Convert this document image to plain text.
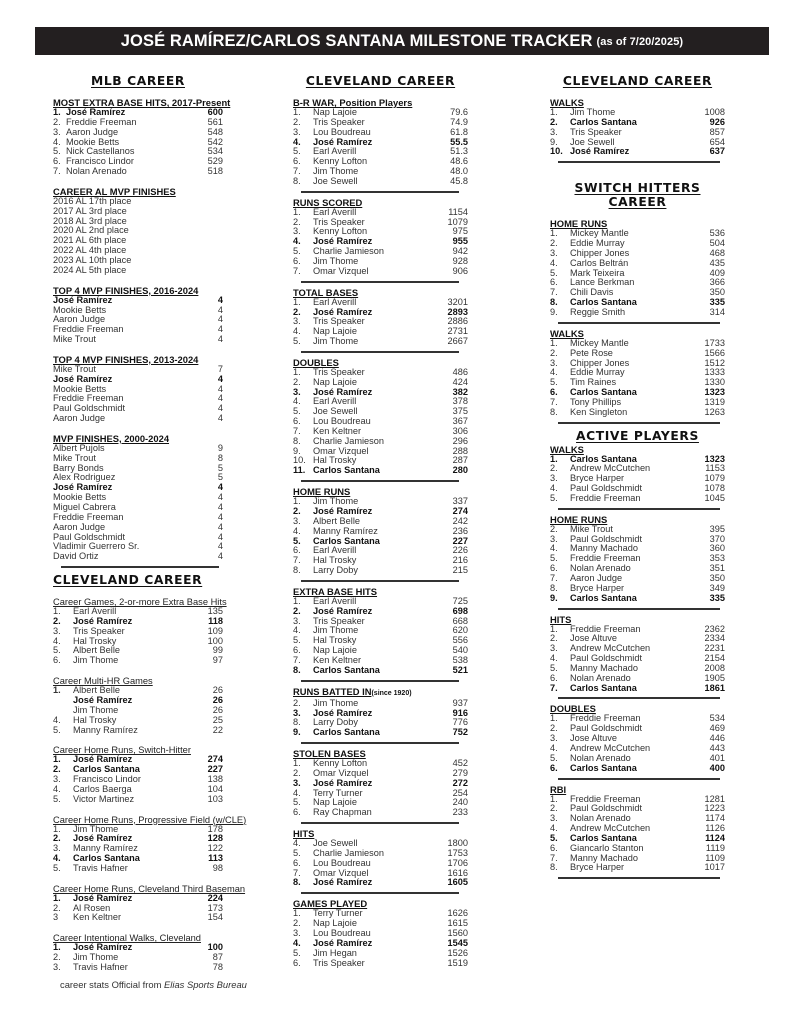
JOSÉ RAMÍREZ/CARLOS SANTANA MILESTONE TRACKER (as of 7/20/2025)
MLB CAREER
MOST EXTRA BASE HITS, 2017-Present
1. José Ramírez	600
2. Freddie Freeman	561
3. Aaron Judge	548
4. Mookie Betts	542
5. Nick Castellanos	534
6. Francisco Lindor	529
7. Nolan Arenado	518
CAREER AL MVP FINISHES
2016 AL 17th place
2017 AL 3rd place
2018 AL 3rd place
2020 AL 2nd place
2021 AL 6th place
2022 AL 4th place
2023 AL 10th place
2024 AL 5th place
TOP 4 MVP FINISHES, 2016-2024
José Ramírez	4
Mookie Betts	4
Aaron Judge	4
Freddie Freeman	4
Mike Trout	4
TOP 4 MVP FINISHES, 2013-2024
Mike Trout	7
José Ramírez	4
Mookie Betts	4
Freddie Freeman	4
Paul Goldschmidt	4
Aaron Judge	4
MVP FINISHES, 2000-2024
Albert Pujols	9
Mike Trout	8
Barry Bonds	5
Alex Rodriguez	5
José Ramírez	4
Mookie Betts	4
Miguel Cabrera	4
Freddie Freeman	4
Aaron Judge	4
Paul Goldschmidt	4
Vladimir Guerrero Sr.	4
David Ortiz	4
CLEVELAND CAREER
Career Games, 2-or-more Extra Base Hits
1.	Earl Averill	135
2.	José Ramírez	118
3.	Tris Speaker	109
4.	Hal Trosky	100
5.	Albert Belle	99
6.	Jim Thome	97
Career Multi-HR Games
1.	Albert Belle	26
José Ramírez	26
Jim Thome	26
4.	Hal Trosky	25
5.	Manny Ramírez	22
Career Home Runs, Switch-Hitter
1.	José Ramírez	274
2.	Carlos Santana	227
3.	Francisco Lindor	138
4.	Carlos Baerga	104
5.	Victor Martinez	103
Career Home Runs, Progressive Field (w/CLE)
1.	Jim Thome	178
2.	José Ramírez	128
3.	Manny Ramírez	122
4.	Carlos Santana	113
5.	Travis Hafner	98
Career Home Runs, Cleveland Third Baseman
1.	José Ramírez	224
2.	Al Rosen	173
3	Ken Keltner	154
Career Intentional Walks, Cleveland
1.	José Ramírez	100
2.	Jim Thome	87
3.	Travis Hafner	78
CLEVELAND CAREER
B-R WAR, Position Players
1.	Nap Lajoie	79.6
2.	Tris Speaker	74.9
3.	Lou Boudreau	61.8
4.	José Ramírez	55.5
5.	Earl Averill	51.3
6.	Kenny Lofton	48.6
7.	Jim Thome	48.0
8.	Joe Sewell	45.8
RUNS SCORED
1.	Earl Averill	1154
2.	Tris Speaker	1079
3.	Kenny Lofton	975
4.	José Ramírez	955
5.	Charlie Jamieson	942
6.	Jim Thome	928
7.	Omar Vizquel	906
TOTAL BASES
1.	Earl Averill	3201
2.	José Ramírez	2893
3.	Tris Speaker	2886
4.	Nap Lajoie	2731
5.	Jim Thome	2667
DOUBLES
1.	Tris Speaker	486
2.	Nap Lajoie	424
3.	José Ramírez	382
4.	Earl Averill	378
5.	Joe Sewell	375
6.	Lou Boudreau	367
7.	Ken Keltner	306
8.	Charlie Jamieson	296
9.	Omar Vizquel	288
10. Hal Trosky	287
11. Carlos Santana	280
HOME RUNS
1.	Jim Thome	337
2.	José Ramírez	274
3.	Albert Belle	242
4.	Manny Ramírez	236
5.	Carlos Santana	227
6.	Earl Averill	226
7.	Hal Trosky	216
8.	Larry Doby	215
EXTRA BASE HITS
1.	Earl Averill	725
2.	José Ramírez	698
3.	Tris Speaker	668
4.	Jim Thome	620
5.	Hal Trosky	556
6.	Nap Lajoie	540
7.	Ken Keltner	538
8.	Carlos Santana	521
RUNS BATTED IN(since 1920)
2.	Jim Thome	937
3.	José Ramírez	916
8.	Larry Doby	776
9.	Carlos Santana	752
STOLEN BASES
1.	Kenny Lofton	452
2.	Omar Vizquel	279
3.	José Ramírez	272
4.	Terry Turner	254
5.	Nap Lajoie	240
6.	Ray Chapman	233
HITS
4.	Joe Sewell	1800
5.	Charlie Jamieson	1753
6.	Lou Boudreau	1706
7.	Omar Vizquel	1616
8.	José Ramírez	1605
GAMES PLAYED
1.	Terry Turner	1626
2.	Nap Lajoie	1615
3.	Lou Boudreau	1560
4.	José Ramírez	1545
5.	Jim Hegan	1526
6.	Tris Speaker	1519
CLEVELAND CAREER
WALKS
1.	Jim Thome	1008
2.	Carlos Santana	926
3.	Tris Speaker	857
9.	Joe Sewell	654
10. José Ramírez	637
SWITCH HITTERS CAREER
HOME RUNS
1.	Mickey Mantle	536
2.	Eddie Murray	504
3.	Chipper Jones	468
4.	Carlos Beltrán	435
5.	Mark Teixeira	409
6.	Lance Berkman	366
7.	Chili Davis	350
8.	Carlos Santana	335
9.	Reggie Smith	314
WALKS
1.	Mickey Mantle	1733
2.	Pete Rose	1566
3.	Chipper Jones	1512
4.	Eddie Murray	1333
5.	Tim Raines	1330
6.	Carlos Santana	1323
7.	Tony Phillips	1319
8.	Ken Singleton	1263
ACTIVE PLAYERS
WALKS
1.	Carlos Santana	1323
2.	Andrew McCutchen	1153
3.	Bryce Harper	1079
4.	Paul Goldschmidt	1078
5.	Freddie Freeman	1045
HOME RUNS
2.	Mike Trout	395
3.	Paul Goldschmidt	370
4.	Manny Machado	360
5.	Freddie Freeman	353
6.	Nolan Arenado	351
7.	Aaron Judge	350
8.	Bryce Harper	349
9.	Carlos Santana	335
HITS
1.	Freddie Freeman	2362
2.	Jose Altuve	2334
3.	Andrew McCutchen	2231
4.	Paul Goldschmidt	2154
5.	Manny Machado	2008
6.	Nolan Arenado	1905
7.	Carlos Santana	1861
DOUBLES
1.	Freddie Freeman	534
2.	Paul Goldschmidt	469
3.	Jose Altuve	446
4.	Andrew McCutchen	443
5.	Nolan Arenado	401
6.	Carlos Santana	400
RBI
1.	Freddie Freeman	1281
2.	Paul Goldschmidt	1223
3.	Nolan Arenado	1174
4.	Andrew McCutchen	1126
5.	Carlos Santana	1124
6.	Giancarlo Stanton	1119
7.	Manny Machado	1109
8.	Bryce Harper	1017
career stats Official from Elias Sports Bureau
